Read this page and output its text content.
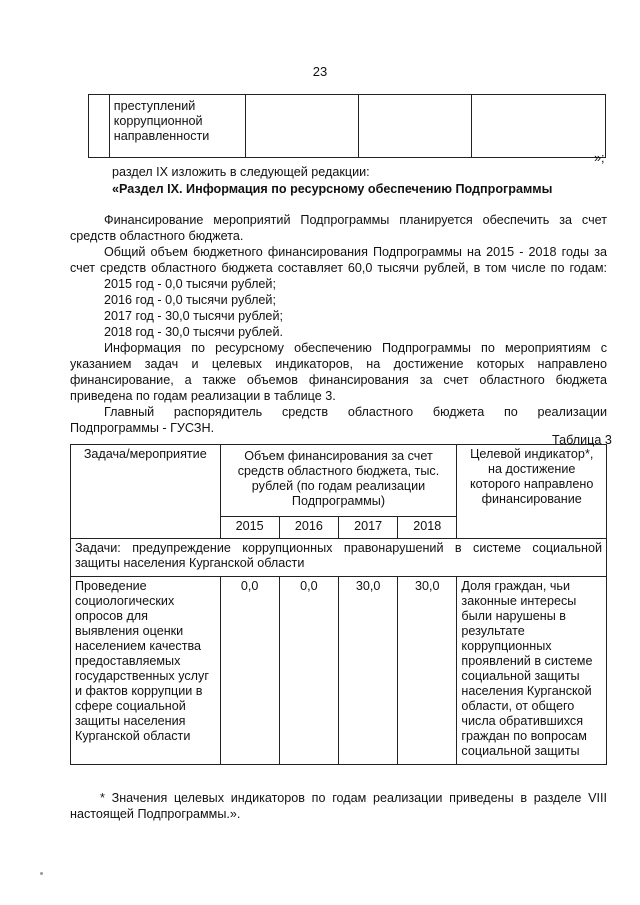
23

преступлений
коррупционной
направленности

»;
раздел IX изложить в следующей редакции:
«Раздел IX. Информация по ресурсному обеспечению Подпрограммы
Финансирование мероприятий Подпрограммы планируется обеспечить за счет
средств областного бюджета.
Общий объем бюджетного финансирования Подпрограммы на 2015 - 2018 годы за
счет средств областного бюджета составляет 60,0 тысячи рублей, в том числе по годам:
2015 год - 0,0 тысячи рублей;
2016 год - 0,0 тысячи рублей;
2017 год - 30,0 тысячи рублей;
2018 год - 30,0 тысячи рублей.
Информация по ресурсному обеспечению Подпрограммы по мероприятиям с
указанием задач и целевых индикаторов, на достижение которых направлено
финансирование, а также объемов финансирования за счет областного бюджета
приведена по годам реализации в таблице 3.
Главный распорядитель средств областного бюджета по реализации
Подпрограммы - ГУСЗН.
Таблица 3
Задача/мероприятие	Объем финансирования за счет средств областного бюджета, тыс. рублей (по годам реализации Подпрограммы)				Целевой индикатор*, на достижение которого направлено финансирование
	2015	2016	2017	2018	
Задачи: предупреждение коррупционных правонарушений в системе социальной защиты населения Курганской области					
Проведение социологических опросов для выявления оценки населением качества предоставляемых государственных услуг и фактов коррупции в сфере социальной защиты населения Курганской области	0,0	0,0	30,0	30,0	Доля граждан, чьи законные интересы были нарушены в результате коррупционных проявлений в системе социальной защиты населения Курганской области, от общего числа обратившихся граждан по вопросам социальной защиты
* Значения целевых индикаторов по годам реализации приведены в разделе VIII настоящей Подпрограммы.».
